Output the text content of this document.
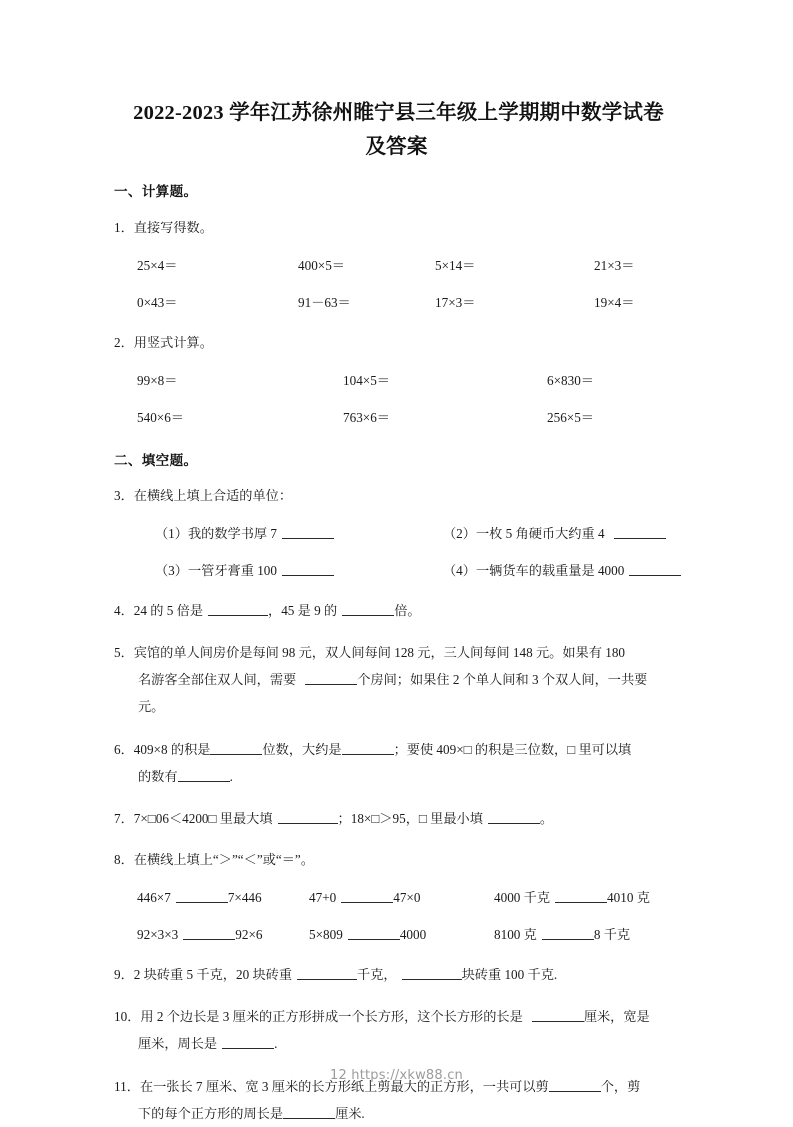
2022-2023 学年江苏徐州睢宁县三年级上学期期中数学试卷
及答案
一、计算题。
1．直接写得数。
25×4＝	400×5＝	5×14＝	21×3＝
0×43＝	91－63＝	17×3＝	19×4＝
2．用竖式计算。
99×8＝	104×5＝	6×830＝
540×6＝	763×6＝	256×5＝
二、填空题。
3．在横线上填上合适的单位：
（1）我的数学书厚 7	（2）一枚 5 角硬币大约重 4
（3）一管牙膏重 100	（4）一辆货车的载重量是 4000
4．24 的 5 倍是	，45 是 9 的	倍。
5．宾馆的单人间房价是每间 98 元，双人间每间 128 元，三人间每间 148 元。如果有 180
名游客全部住双人间，需要	个房间；如果住 2 个单人间和 3 个双人间，一共要
元。
6．409×8 的积是	位数，大约是	；要使 409×□ 的积是三位数，□ 里可以填
的数有	.
7．7×□06＜4200□ 里最大填	；18×□＞95，□ 里最小填	。
8．在横线上填上“＞”“＜”或“＝”。
446×7	7×446	47+0	47×0	4000 千克	4010 克
92×3×3	92×6	5×809	4000	8100 克	8 千克
9．2 块砖重 5 千克，20 块砖重	千克，	块砖重 100 千克.
10．用 2 个边长是 3 厘米的正方形拼成一个长方形，这个长方形的长是	厘米，宽是
厘米，周长是	.
11．在一张长 7 厘米、宽 3 厘米的长方形纸上剪最大的正方形，一共可以剪	个，剪
下的每个正方形的周长是	厘米.
12 https://xkw88.cn
